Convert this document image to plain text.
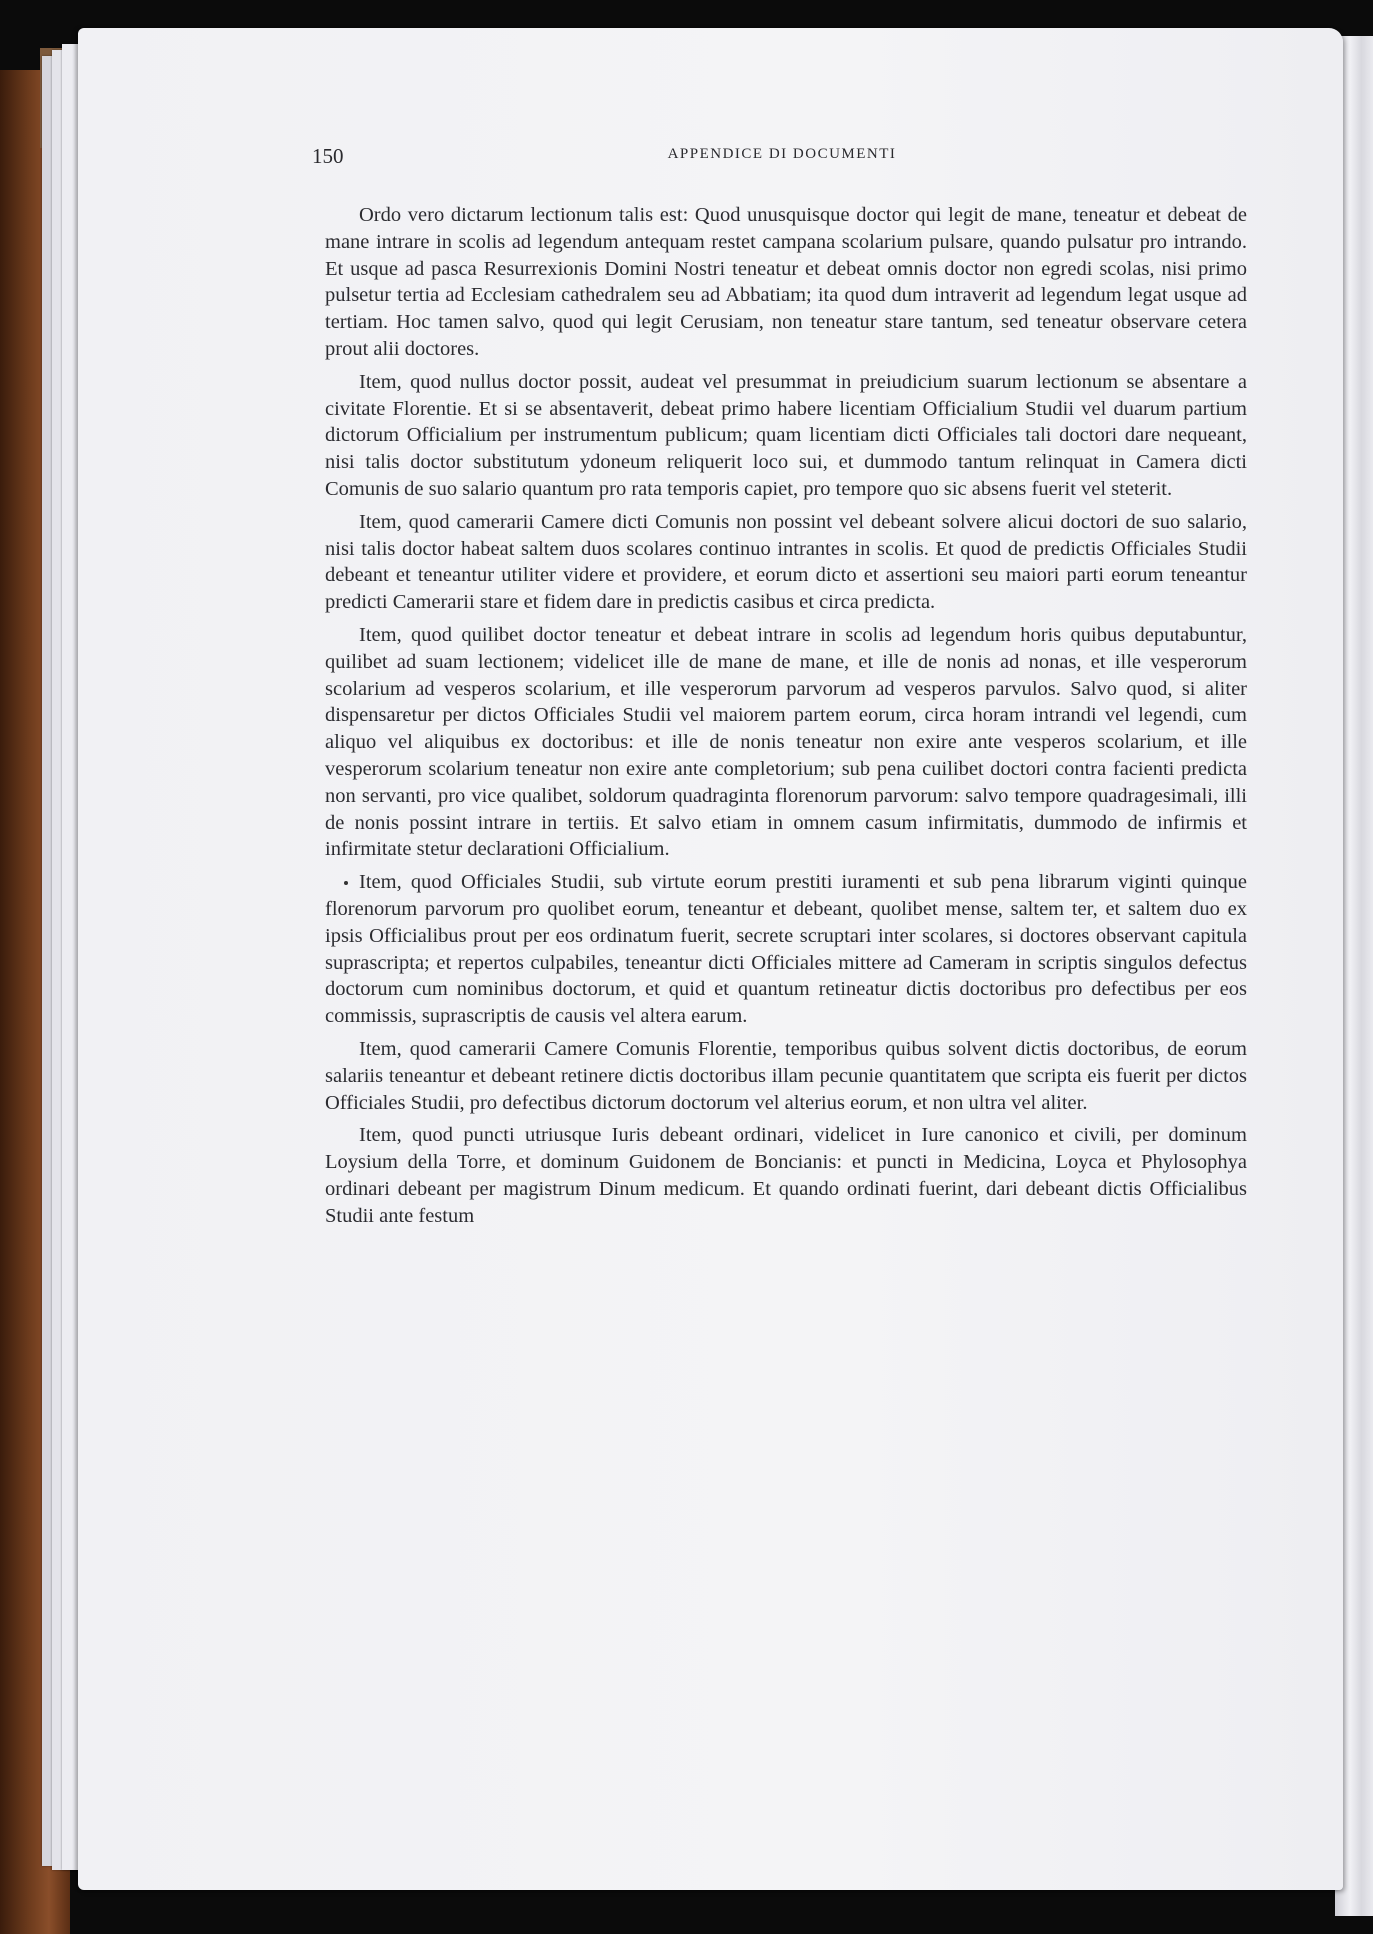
150	APPENDICE DI DOCUMENTI

Ordo vero dictarum lectionum talis est: Quod unusquisque doctor qui legit de mane, teneatur et debeat de mane intrare in scolis ad legendum antequam restet campana scolarium pulsare, quando pulsatur pro intrando. Et usque ad pasca Resurrexionis Domini Nostri teneatur et debeat omnis doctor non egredi scolas, nisi primo pulsetur tertia ad Ecclesiam cathedralem seu ad Abbatiam; ita quod dum intraverit ad legendum legat usque ad tertiam. Hoc tamen salvo, quod qui legit Cerusiam, non teneatur stare tantum, sed teneatur observare cetera prout alii doctores.

Item, quod nullus doctor possit, audeat vel presummat in preiudicium suarum lectionum se absentare a civitate Florentie. Et si se absentaverit, debeat primo habere licentiam Officialium Studii vel duarum partium dictorum Officialium per instrumentum publicum; quam licentiam dicti Officiales tali doctori dare nequeant, nisi talis doctor substitutum ydoneum reliquerit loco sui, et dummodo tantum relinquat in Camera dicti Comunis de suo salario quantum pro rata temporis capiet, pro tempore quo sic absens fuerit vel steterit.

Item, quod camerarii Camere dicti Comunis non possint vel debeant solvere alicui doctori de suo salario, nisi talis doctor habeat saltem duos scolares continuo intrantes in scolis. Et quod de predictis Officiales Studii debeant et teneantur utiliter videre et providere, et eorum dicto et assertioni seu maiori parti eorum teneantur predicti Camerarii stare et fidem dare in predictis casibus et circa predicta.

Item, quod quilibet doctor teneatur et debeat intrare in scolis ad legendum horis quibus deputabuntur, quilibet ad suam lectionem; videlicet ille de mane de mane, et ille de nonis ad nonas, et ille vesperorum scolarium ad vesperos scolarium, et ille vesperorum parvorum ad vesperos parvulos. Salvo quod, si aliter dispensaretur per dictos Officiales Studii vel maiorem partem eorum, circa horam intrandi vel legendi, cum aliquo vel aliquibus ex doctoribus: et ille de nonis teneatur non exire ante vesperos scolarium, et ille vesperorum scolarium teneatur non exire ante completorium; sub pena cuilibet doctori contra facienti predicta non servanti, pro vice qualibet, soldorum quadraginta florenorum parvorum: salvo tempore quadragesimali, illi de nonis possint intrare in tertiis. Et salvo etiam in omnem casum infirmitatis, dummodo de infirmis et infirmitate stetur declarationi Officialium.

Item, quod Officiales Studii, sub virtute eorum prestiti iuramenti et sub pena librarum viginti quinque florenorum parvorum pro quolibet eorum, teneantur et debeant, quolibet mense, saltem ter, et saltem duo ex ipsis Officialibus prout per eos ordinatum fuerit, secrete scruptari inter scolares, si doctores observant capitula suprascripta; et repertos culpabiles, teneantur dicti Officiales mittere ad Cameram in scriptis singulos defectus doctorum cum nominibus doctorum, et quid et quantum retineatur dictis doctoribus pro defectibus per eos commissis, suprascriptis de causis vel altera earum.

Item, quod camerarii Camere Comunis Florentie, temporibus quibus solvent dictis doctoribus, de eorum salariis teneantur et debeant retinere dictis doctoribus illam pecunie quantitatem que scripta eis fuerit per dictos Officiales Studii, pro defectibus dictorum doctorum vel alterius eorum, et non ultra vel aliter.

Item, quod puncti utriusque Iuris debeant ordinari, videlicet in Iure canonico et civili, per dominum Loysium della Torre, et dominum Guidonem de Boncianis: et puncti in Medicina, Loyca et Phylosophya ordinari debeant per magistrum Dinum medicum. Et quando ordinati fuerint, dari debeant dictis Officialibus Studii ante festum
